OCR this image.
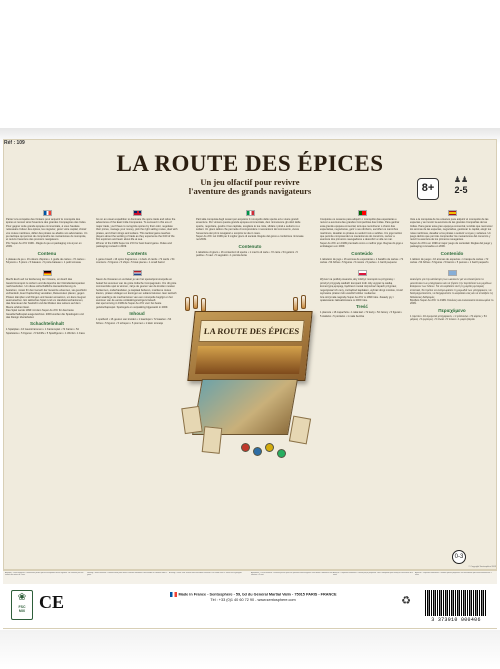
Réf : 109
LA ROUTE DES ÉPICES
Un jeu olfactif pour revivre
l'aventure des grands navigateurs	8+
♟♟
2-5
Partez à la conquête des Océans pour acquérir le monopole des épices et revivez ainsi l'aventure des grandes Compagnies des Indes. Pour gagner cette grande épopée commerciale, à vous l'audace nécessaire l'odeur des épices, les négocier, gérer votre capital, choisir vos routes maritimes, défier des pirates ou abattre vos adversaires. Un jeu tactique qui permet de comprendre les mécanismes du monopole, et revivre l'aventure des premiers navigateurs.
Prix Super As d'Or 1999 - Règle du jeu et packaging mis à jour en 2009.
Contenu
1 plateau de jeu • 16 odeurs d'épices • 1 guide de cartes • 72 cartes • 54 jetons • 5 pions • 5 bateaux • 5 porte-bateaux • 1 petit tonneau
Macht Euch auf zur Eroberung der Ozeane, um Euch das Gewürzmonopol zu sichern und die Epoche der Ostindienkompanien nachzuerleben. Um diese wirtschaftliche Herausforderung zu bestehen, müsst Ihr den Geruch der Gewürze erkennen, sie geschickt verhandeln, Euer Kapital klug verwalten, Reiserouten planen, gegen Piraten kämpfen und Klingen und Gesten einsetzen, um Eure Gegner auszustechen. Ein taktisches Spiel rund um Handelsmechanismen, das Abenteuer der Seefahrt und die Risiken des Lebens auf dem Meere erleben lässt.
Das Spiel wurde 1999 mit dem Super As d'Or für das beste Gesellschaftsspiel ausgezeichnet. 2009 wurden die Spielregeln und das Design überarbeitet.
Schachtelinhalt
1 Spielplan • 16 Gewürzaromen • 1 Kartenspiel • 72 Karten • 54 Spielsteine • 5 Figuren • 5 Schiffe • 5 Spielfiguren • 1 Würfel • 1 Fass
Go on an ocean expedition to dominate the spice trade and relive the adventures of the East India Companies. To succeed in this era of major trade, you'll have to recognize spices by their odor, negotiate their prices, manage your money, pick the right sailing routes, duel with pirates, and charm kings and sultans. This tactical game teaches players about the working of trade as they experience the thrill of the first explorers and learn about life at sea.
Winner of the 1999 Super As d'Or for best board game. Rules and packaging revised in 2009.
Contents
1 game board • 16 spice fragrances • 1 deck of cards • 72 cards • 54 counters • 5 figures • 5 ships • 5 boat pieces • 1 small barrel
Neem de Oceanen en verzeker je van het specerijenmonopolie en beleef het avontuur van de grote Indische Compagnieën. Om dit grote commerciële spel te winnen, zal je de geuren van de kruiden moeten herkennen, onderhandelen, je kapitaal beheren, maritieme routes kiezen, piraten uitdagen en koningen en sultans bekoren. Een tactisch spel waarbij je de mechanismen van een monopolie begrijpt en het avontuur van de eerste ontdekkingsreizigers beleeft.
Het spel ontving in 1999 de Super As d'Or voor het beste gezelschapsspel. Spelregels en verpakking bijgewerkt in 2009.
Inhoud
1 spelbord • 16 geuren van kruiden • 1 kaartspel • 72 kaarten • 54 fiches • 5 figuren • 5 schepen • 5 pionnen • 1 klein tonnetje
Parti alla conquista degli oceani per acquisire il monopolio delle spezie ed e vivere grandi avventure. Per vincere questa grande epopea commerciale, devi riconoscere gli odori delle spezie, negoziare, gestire il tuo capitale, scegliere le tue rotte, sfidare i pirati e sedurre re e sultani. Un gioco tattico che permette di comprendere i meccanismi del commercio, vivere l'avventura dei primi navigatori e scoprire la vita in mare.
Super As d'Or nel 1999 per il miglior gioco di società. Regole del gioco e confezione rinnovate nel 2009.
Contenuto
1 tabellone di gioco • 16 contenitori di spezie • 1 mazzo di carte • 72 carte • 54 gettoni • 5 pedine • 5 navi • 5 segnalini • 1 piccola botte
LA ROUTE DES ÉPICES
Conquiste os oceanos para adquirir o monopólio das especiarias e reviver a aventura das grandes Companhias das Índias. Para ganhar esta grande epopeia comercial, terá que reconhecer o cheiro das especiarias, negociá-las, gerir o seu dinheiro, escolher os caminhos marítimos, desafiar os piratas ou seduzir reis e sultões. Um jogo táctico que permite compreender os mecanismos do comércio, reviver a aventura dos primeiros navegadores e descobrir a vida no mar.
Super As d'Or em 1999 premiado como o melhor jogo. Regras do jogo e embalagem em 2009.
Conteúdo
1 tabuleiro de jogo • 16 aromas de especiarias • 1 baralho de cartas • 72 cartas • 54 fichas • 5 figuras • 5 navios • 5 peões • 1 barril pequeno
Wyrusz na podbój oceanów, aby zdobyć monopol na przyprawy i przeżyć przygodę wielkich kompanii Indii. Aby wygrać tę wielką komercyjną epopeję, będziesz musiał rozpoznać zapach przypraw, negocjować ich ceny, zarządzać kapitałem, wybrać drogi morskie, rzucić wyzwanie piratom lub uwodzić królów i sułtanów.
Gra otrzymała nagrodę Super As d'Or w 1999 roku. Zasady gry i opakowanie zaktualizowane w 2009 roku.
Treść
1 plansza • 16 zapachów • 1 talia kart • 72 karty • 54 żetony • 5 figurek • 5 statków • 5 pionków • 1 mała beczka
Vete a la conquista de los océanos para adquirir el monopolio de las especias y así revivir la aventura de las grandes Compañías de las Indias. Para ganar esta gran epopeya comercial, tendrás que reconocer los aromas de las especias, negociarlas, gestionar tu capital, elegir tus rutas marítimas, desafiar a los piratas o seducir a reyes y sultanes. Un juego táctico que permite comprender los mecanismos del comercio y revivir la aventura de los primeros navegantes.
Super As d'Oro en 1999 al mejor juego de sociedad. Reglas del juego y packaging renovados en 2009.
Contenido
1 tablero de juego • 16 aromas de especias • 1 baraja de cartas • 72 cartas • 54 fichas • 5 figuras • 5 barcos • 5 peones • 1 barril pequeño
Ξεκινήστε για την κατάκτηση των ωκεανών για να αποκτήσετε το μονοπώλιο των μπαχαρικών και να ζήσετε την περιπέτεια των μεγάλων Εταιρειών των Ινδιών. Για να κερδίσετε αυτή τη μεγάλη εμπορική εποποιία, θα πρέπει να αναγνωρίσετε τη μυρωδιά των μπαχαρικών, να διαπραγματευτείτε, να διαχειριστείτε το κεφάλαιό σας και να επιλέξετε τις θαλάσσιες διαδρομές.
Βραβείο Super As d'Or το 1999. Κανόνες και συσκευασία ανανεωμένα το 2009.
Περιεχόμενο
1 ταμπλό • 16 αρώματα μπαχαρικών • 1 τράπουλα • 72 κάρτες • 54 μάρκες • 5 φιγούρες • 5 πλοία • 5 πιόνια • 1 μικρό βαρέλι
0-3
© Copyright Sentosphère 2009
Attention ! Petits éléments. Contient des petites pièces susceptibles d'être ingérées. Ne convient pas aux enfants de moins de 3 ans.
Warning ! Small elements. Contains small parts which could be swallowed. Not suitable for children under 3 years.
Achtung ! Kleine Teile. Enthält verschluckbare Kleinteile. Für Kinder unter 3 Jahren nicht geeignet.	Attenzione ! Piccoli elementi. Contiene piccole parti che possono essere ingerite. Non adatto a bambini di età inferiore a 3 anni.
Atenção ! Pequenos elementos. Contém peças pequenas. Não é adequado para crianças com menos de 3 anos.
Atención ! Pequeños elementos. Contiene piezas pequeñas. No conveniente para niños menores de 3 años.
❀
FSC
MIX CE	Made in France - Sentosphère - 59, bd du Général Martial Valin - 75015 PARIS - FRANCE
Tél : +33 (0)1 40 60 72 90 - www.sentosphere.com	♻
3 373910 000406
